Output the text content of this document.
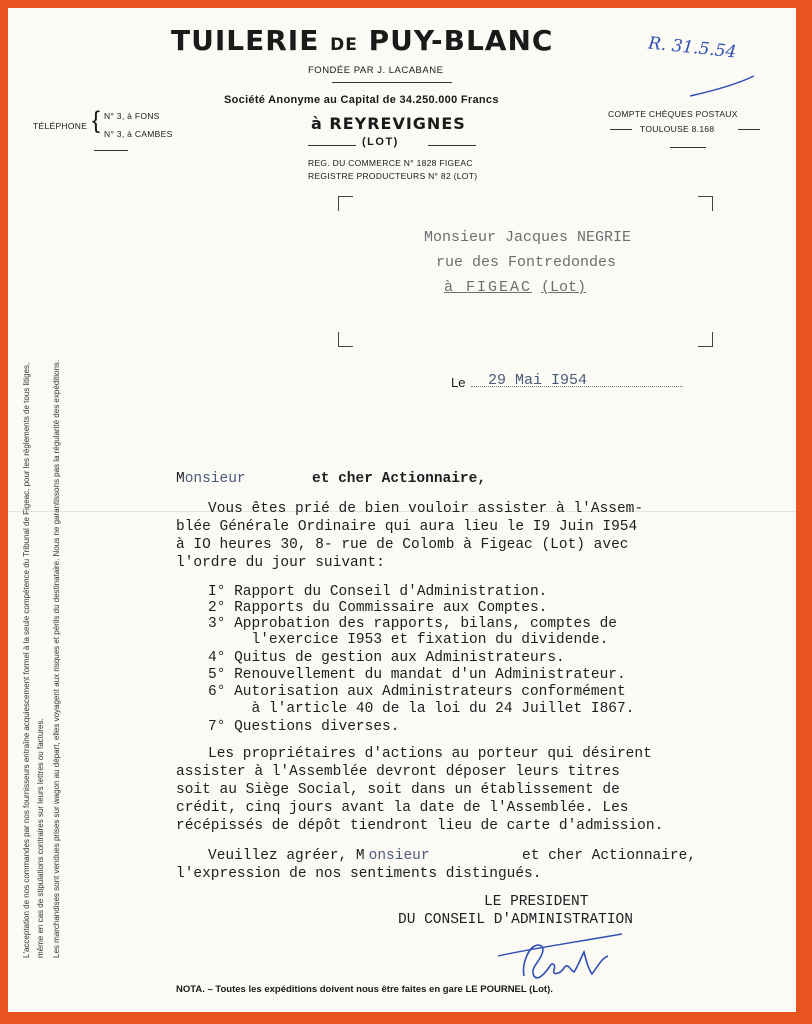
TUILERIE DE PUY-BLANC
FONDÉE PAR J. LACABANE
Société Anonyme au Capital de 34.250.000 Francs
à REYREVIGNES
(LOT)
REG. DU COMMERCE N° 1828 FIGEAC
REGISTRE PRODUCTEURS N° 82 (LOT)
TÉLÉPHONE { N° 3, à FONS
N° 3, à CAMBES
COMPTE CHÈQUES POSTAUX
TOULOUSE 8.168
R. 31.5.54
Monsieur Jacques NEGRIE
rue des Fontredondes
à FIGEAC (Lot)
Le 29 Mai I954
Monsieur	et cher Actionnaire,
Vous êtes prié de bien vouloir assister à l'Assem-
blée Générale Ordinaire qui aura lieu le I9 Juin I954
à IO heures 30, 8- rue de Colomb à Figeac (Lot) avec
l'ordre du jour suivant:
I° Rapport du Conseil d'Administration.
2° Rapports du Commissaire aux Comptes.
3° Approbation des rapports, bilans, comptes de
l'exercice I953 et fixation du dividende.
4° Quitus de gestion aux Administrateurs.
5° Renouvellement du mandat d'un Administrateur.
6° Autorisation aux Administrateurs conformément
à l'article 40 de la loi du 24 Juillet I867.
7° Questions diverses.
Les propriétaires d'actions au porteur qui désirent
assister à l'Assemblée devront déposer leurs titres
soit au Siège Social, soit dans un établissement de
crédit, cinq jours avant la date de l'Assemblée. Les
récépissés de dépôt tiendront lieu de carte d'admission.
Veuillez agréer, M onsieur	et cher Actionnaire,
l'expression de nos sentiments distingués.
LE PRESIDENT
DU CONSEIL D'ADMINISTRATION
L'acceptation de nos commandes par nos fournisseurs entraîne acquiescement formel à la seule compétence du Tribunal de Figeac, pour les règlements de tous litiges, même en cas de stipulations contraires sur leurs lettres ou factures. Les marchandises sont vendues prises sur wagon au départ, elles voyagent aux risques et périls du destinataire. Nous ne garantissons pas la régularité des expéditions.
NOTA. – Toutes les expéditions doivent nous être faites en gare LE POURNEL (Lot).
